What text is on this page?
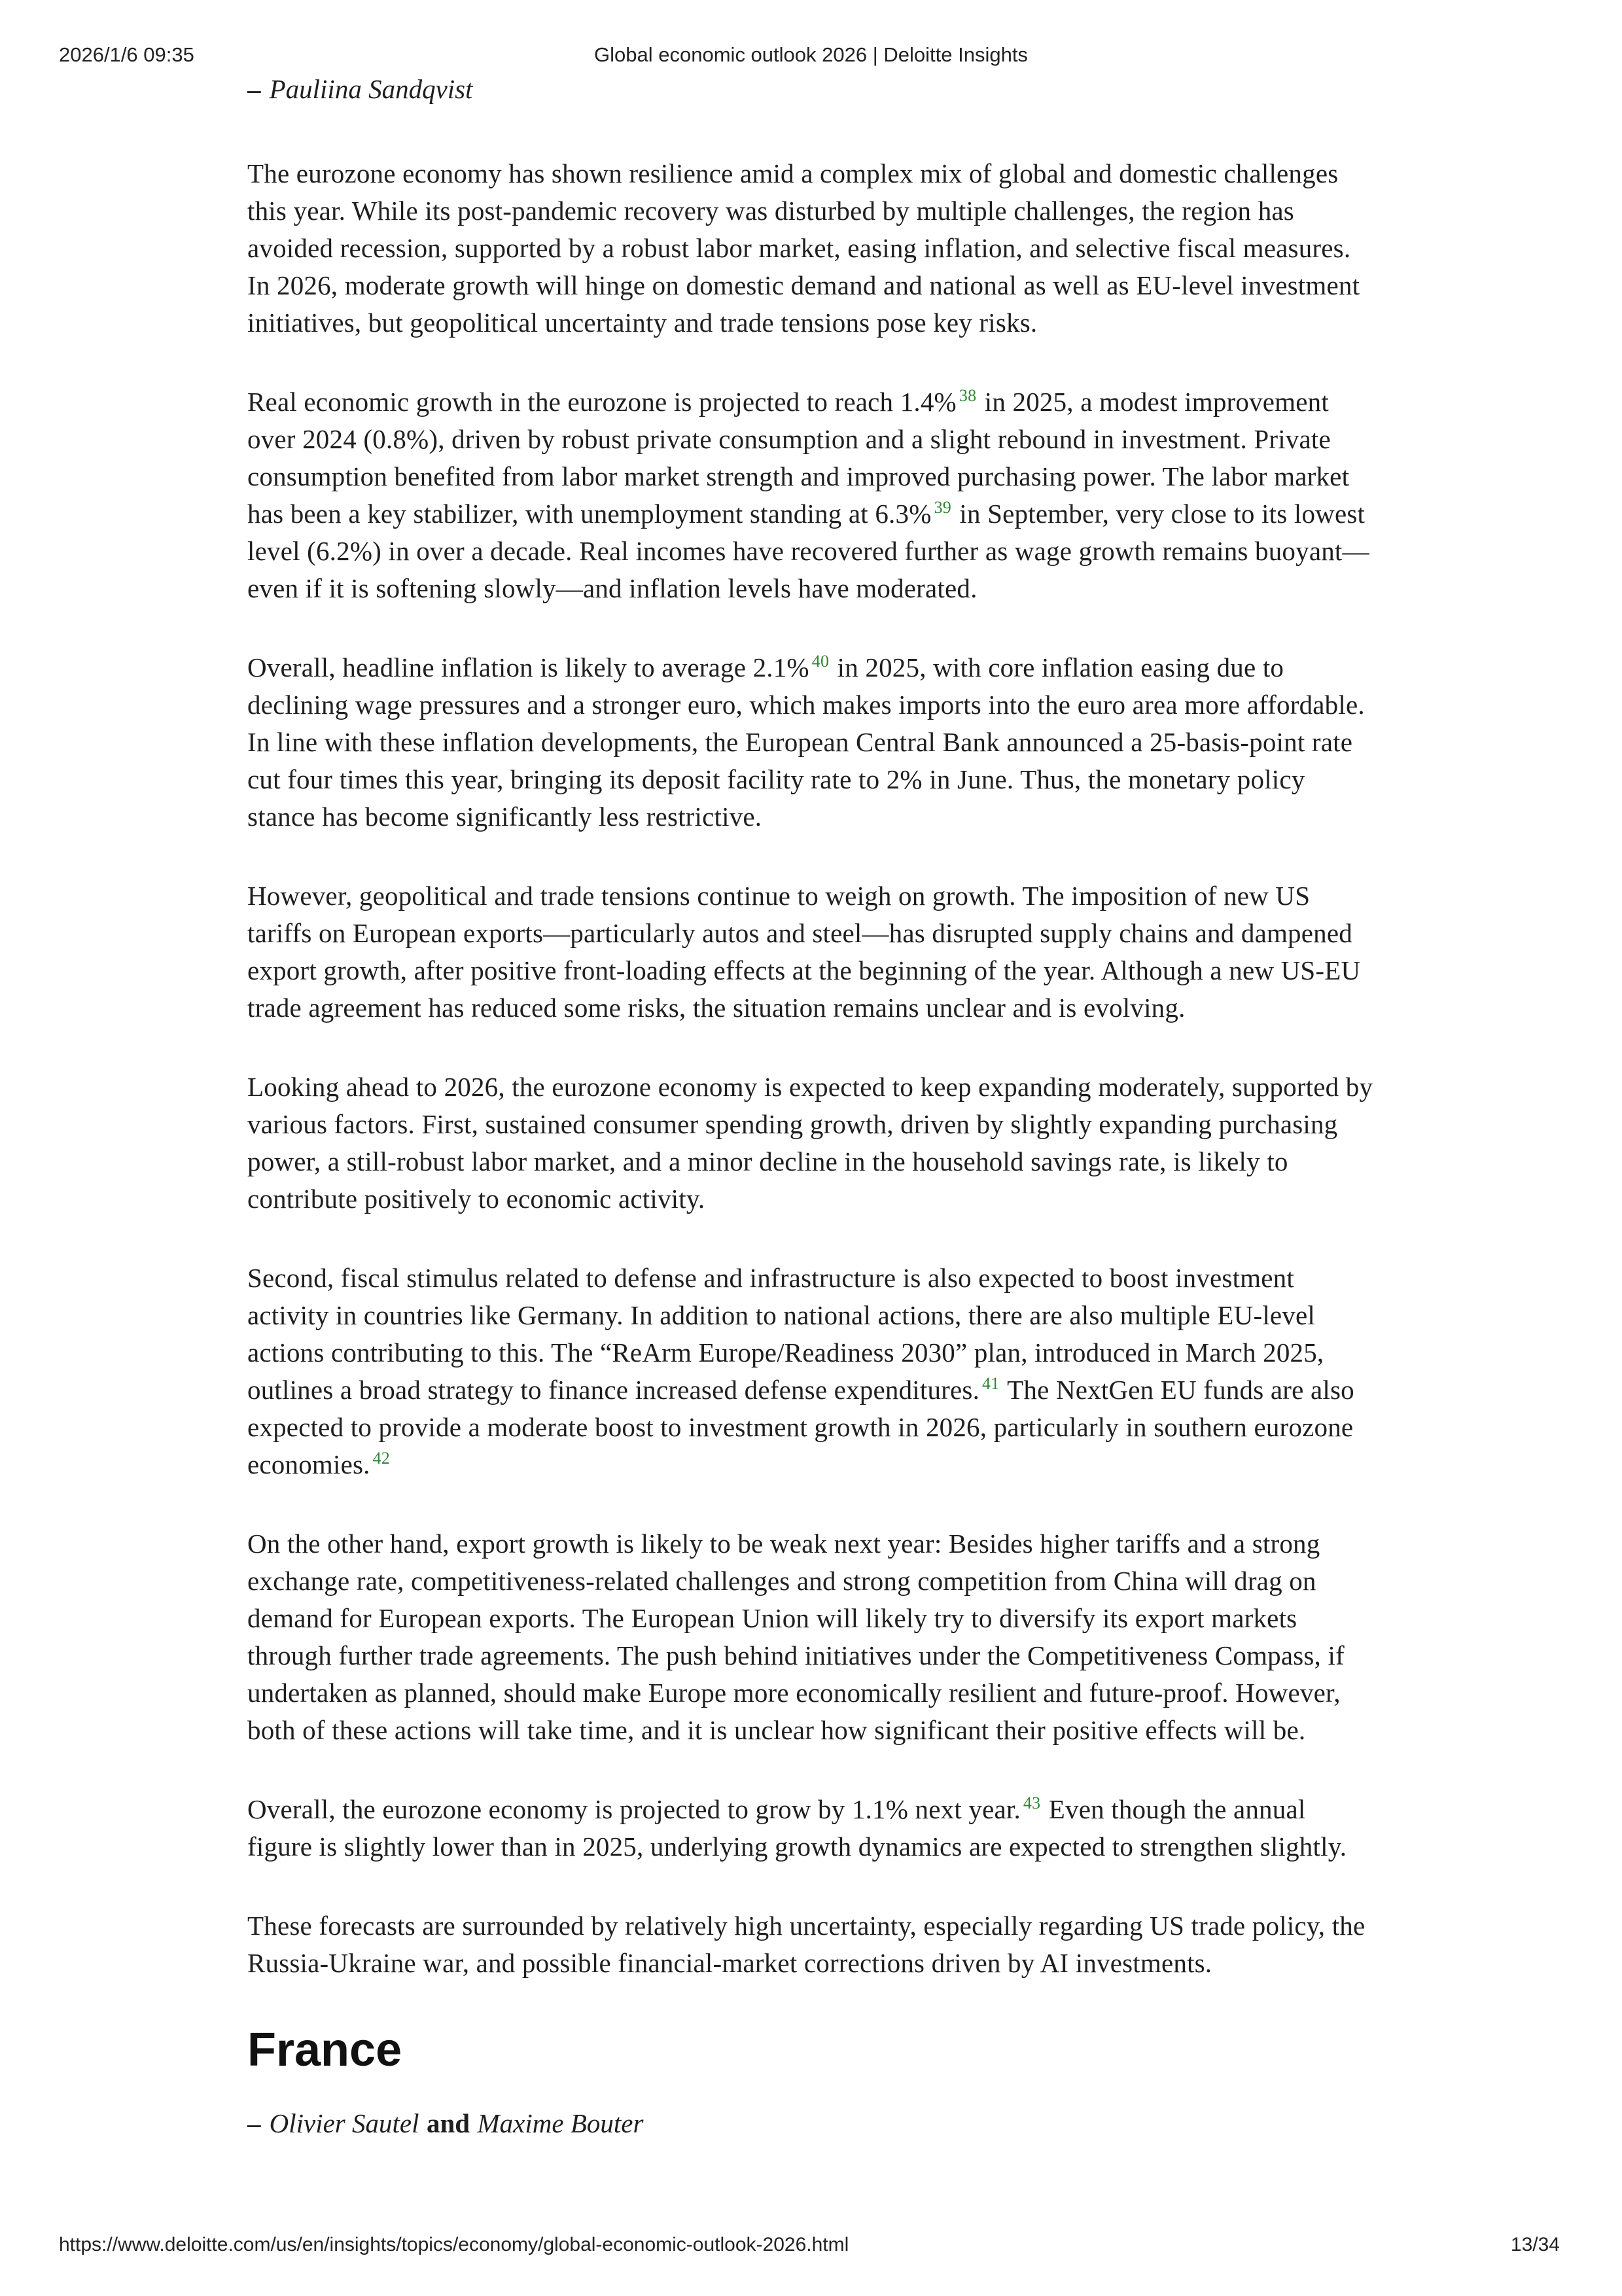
2026/1/6 09:35	Global economic outlook 2026 | Deloitte Insights

– Pauliina Sandqvist

The eurozone economy has shown resilience amid a complex mix of global and domestic challenges this year. While its post-pandemic recovery was disturbed by multiple challenges, the region has avoided recession, supported by a robust labor market, easing inflation, and selective fiscal measures. In 2026, moderate growth will hinge on domestic demand and national as well as EU-level investment initiatives, but geopolitical uncertainty and trade tensions pose key risks.

Real economic growth in the eurozone is projected to reach 1.4% $^{38}$ in 2025, a modest improvement over 2024 (0.8%), driven by robust private consumption and a slight rebound in investment. Private consumption benefited from labor market strength and improved purchasing power. The labor market has been a key stabilizer, with unemployment standing at 6.3% $^{39}$ in September, very close to its lowest level (6.2%) in over a decade. Real incomes have recovered further as wage growth remains buoyant—even if it is softening slowly—and inflation levels have moderated.

Overall, headline inflation is likely to average 2.1% $^{40}$ in 2025, with core inflation easing due to declining wage pressures and a stronger euro, which makes imports into the euro area more affordable. In line with these inflation developments, the European Central Bank announced a 25-basis-point rate cut four times this year, bringing its deposit facility rate to 2% in June. Thus, the monetary policy stance has become significantly less restrictive.

However, geopolitical and trade tensions continue to weigh on growth. The imposition of new US tariffs on European exports—particularly autos and steel—has disrupted supply chains and dampened export growth, after positive front-loading effects at the beginning of the year. Although a new US-EU trade agreement has reduced some risks, the situation remains unclear and is evolving.

Looking ahead to 2026, the eurozone economy is expected to keep expanding moderately, supported by various factors. First, sustained consumer spending growth, driven by slightly expanding purchasing power, a still-robust labor market, and a minor decline in the household savings rate, is likely to contribute positively to economic activity.

Second, fiscal stimulus related to defense and infrastructure is also expected to boost investment activity in countries like Germany. In addition to national actions, there are also multiple EU-level actions contributing to this. The “ReArm Europe/Readiness 2030” plan, introduced in March 2025, outlines a broad strategy to finance increased defense expenditures. $^{41}$ The NextGen EU funds are also expected to provide a moderate boost to investment growth in 2026, particularly in southern eurozone economies. $^{42}$

On the other hand, export growth is likely to be weak next year: Besides higher tariffs and a strong exchange rate, competitiveness-related challenges and strong competition from China will drag on demand for European exports. The European Union will likely try to diversify its export markets through further trade agreements. The push behind initiatives under the Competitiveness Compass, if undertaken as planned, should make Europe more economically resilient and future-proof. However, both of these actions will take time, and it is unclear how significant their positive effects will be.

Overall, the eurozone economy is projected to grow by 1.1% next year. $^{43}$ Even though the annual figure is slightly lower than in 2025, underlying growth dynamics are expected to strengthen slightly.

These forecasts are surrounded by relatively high uncertainty, especially regarding US trade policy, the Russia-Ukraine war, and possible financial-market corrections driven by AI investments.

France

– Olivier Sautel and Maxime Bouter

https://www.deloitte.com/us/en/insights/topics/economy/global-economic-outlook-2026.html	13/34
